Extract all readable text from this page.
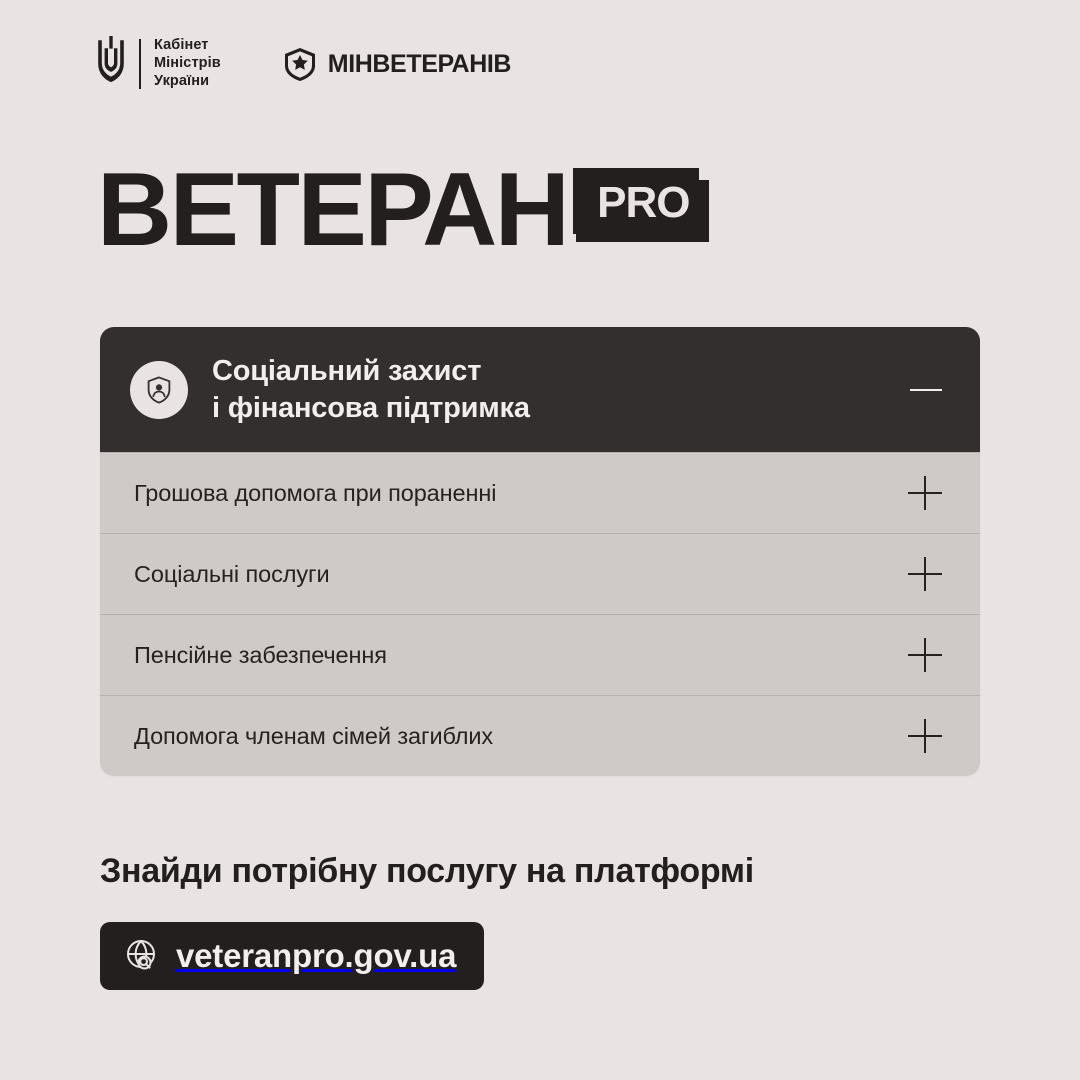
Кабінет
Міністрів
України
МІНВЕТЕРАНІВ
ВЕТЕРАН PRO
Соціальний захист
і фінансова підтримка
Грошова допомога при пораненні
Соціальні послуги
Пенсійне забезпечення
Допомога членам сімей загиблих
Знайди потрібну послугу на платформі
veteranpro.gov.ua
